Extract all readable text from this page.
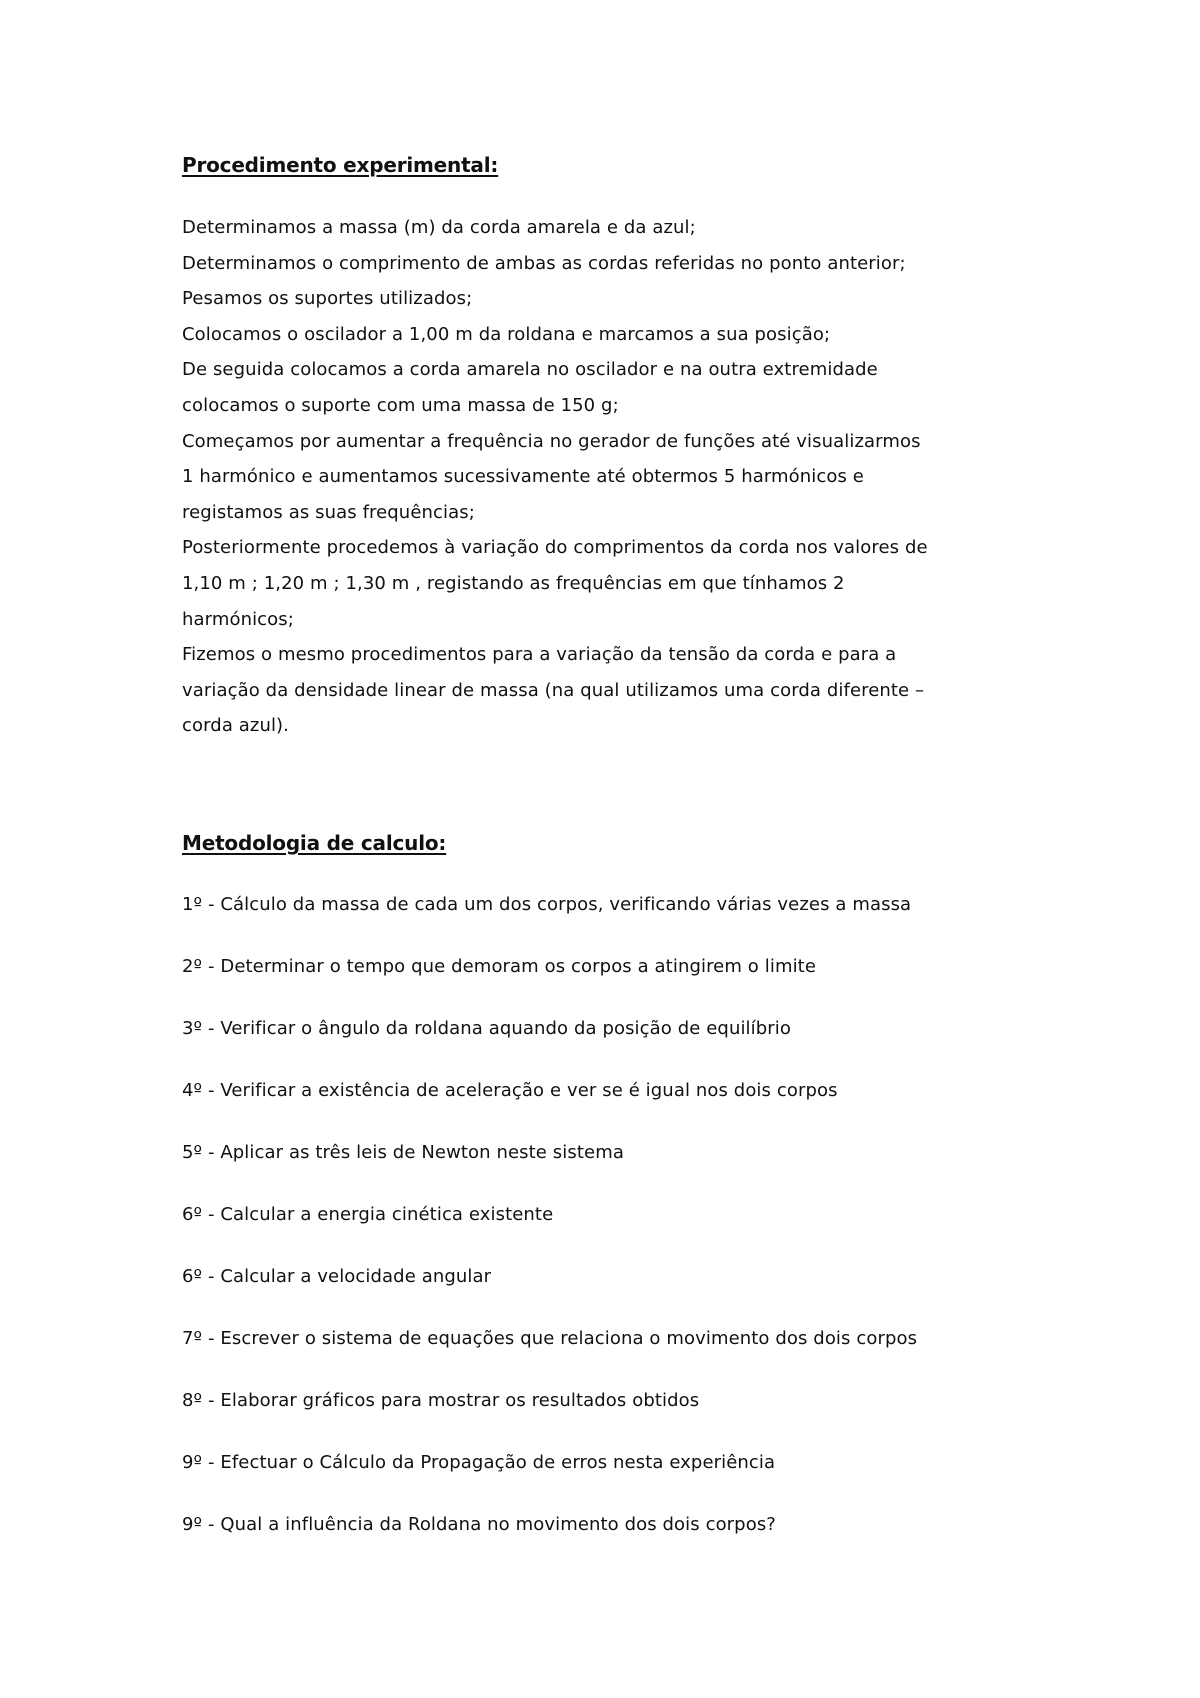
Procedimento experimental:
Determinamos a massa (m) da corda amarela e da azul;
Determinamos o comprimento de ambas as cordas referidas no ponto anterior;
Pesamos os suportes utilizados;
Colocamos o oscilador a 1,00 m da roldana e marcamos a sua posição;
De seguida colocamos a corda amarela no oscilador e na outra extremidade
colocamos o suporte com uma massa de 150 g;
Começamos por aumentar a frequência no gerador de funções até visualizarmos
1 harmónico e aumentamos sucessivamente até obtermos 5 harmónicos e
registamos as suas frequências;
Posteriormente procedemos à variação do comprimentos da corda nos valores de
1,10 m ; 1,20 m ; 1,30 m , registando as frequências em que tínhamos 2
harmónicos;
Fizemos o mesmo procedimentos para a variação da tensão da corda e para a
variação da densidade linear de massa (na qual utilizamos uma corda diferente –
corda azul).
Metodologia de calculo:
1º - Cálculo da massa de cada um dos corpos, verificando várias vezes a massa
2º - Determinar o tempo que demoram os corpos a atingirem o limite
3º - Verificar o ângulo da roldana aquando da posição de equilíbrio
4º - Verificar a existência de aceleração e ver se é igual nos dois corpos
5º - Aplicar as três leis de Newton neste sistema
6º - Calcular a energia cinética existente
6º - Calcular a velocidade angular
7º - Escrever o sistema de equações que relaciona o movimento dos dois corpos
8º - Elaborar gráficos para mostrar os resultados obtidos
9º - Efectuar o Cálculo da Propagação de erros nesta experiência
9º - Qual a influência da Roldana no movimento dos dois corpos?
